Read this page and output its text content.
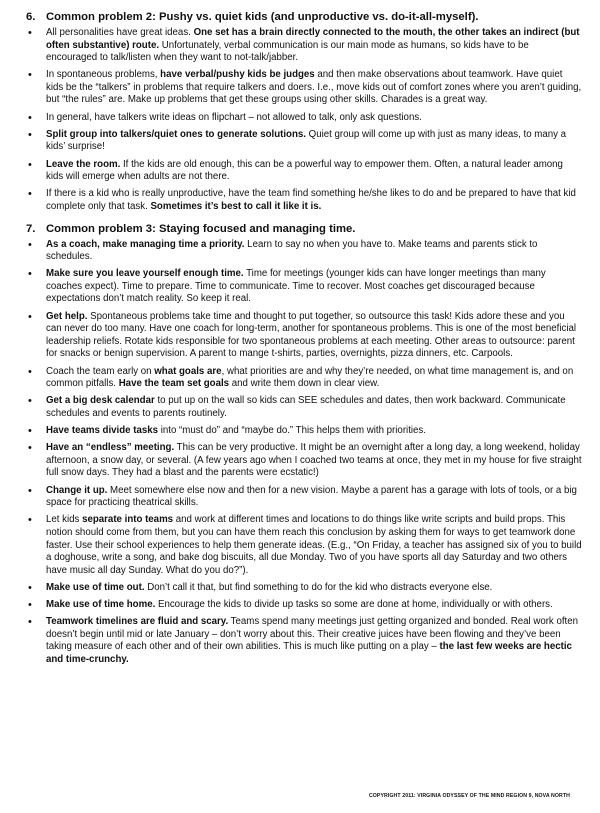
6. Common problem 2: Pushy vs. quiet kids (and unproductive vs. do-it-all-myself).
• All personalities have great ideas. One set has a brain directly connected to the mouth, the other takes an indirect (but often substantive) route. Unfortunately, verbal communication is our main mode as humans, so kids have to be encouraged to talk/listen when they want to not-talk/jabber.
• In spontaneous problems, have verbal/pushy kids be judges and then make observations about teamwork. Have quiet kids be the “talkers” in problems that require talkers and doers. I.e., move kids out of comfort zones where you aren’t guiding, but “the rules” are. Make up problems that get these groups using other skills. Charades is a great way.
• In general, have talkers write ideas on flipchart – not allowed to talk, only ask questions.
• Split group into talkers/quiet ones to generate solutions. Quiet group will come up with just as many ideas, to many a kids’ surprise!
• Leave the room. If the kids are old enough, this can be a powerful way to empower them. Often, a natural leader among kids will emerge when adults are not there.
• If there is a kid who is really unproductive, have the team find something he/she likes to do and be prepared to have that kid complete only that task. Sometimes it’s best to call it like it is.
7. Common problem 3: Staying focused and managing time.
• As a coach, make managing time a priority. Learn to say no when you have to. Make teams and parents stick to schedules.
• Make sure you leave yourself enough time. Time for meetings (younger kids can have longer meetings than many coaches expect). Time to prepare. Time to communicate. Time to recover. Most coaches get discouraged because expectations don’t match reality. So keep it real.
• Get help. Spontaneous problems take time and thought to put together, so outsource this task! Kids adore these and you can never do too many. Have one coach for long-term, another for spontaneous problems. This is one of the most beneficial leadership reliefs. Rotate kids responsible for two spontaneous problems at each meeting. Other areas to outsource: parent for snacks or benign supervision. A parent to mange t-shirts, parties, overnights, pizza dinners, etc. Carpools.
• Coach the team early on what goals are, what priorities are and why they’re needed, on what time management is, and on common pitfalls. Have the team set goals and write them down in clear view.
• Get a big desk calendar to put up on the wall so kids can SEE schedules and dates, then work backward. Communicate schedules and events to parents routinely.
• Have teams divide tasks into “must do” and “maybe do.” This helps them with priorities.
• Have an “endless” meeting. This can be very productive. It might be an overnight after a long day, a long weekend, holiday afternoon, a snow day, or several. (A few years ago when I coached two teams at once, they met in my house for five straight full snow days. They had a blast and the parents were ecstatic!)
• Change it up. Meet somewhere else now and then for a new vision. Maybe a parent has a garage with lots of tools, or a big space for practicing theatrical skills.
• Let kids separate into teams and work at different times and locations to do things like write scripts and build props. This notion should come from them, but you can have them reach this conclusion by asking them for ways to get teamwork done faster. Use their school experiences to help them generate ideas. (E.g., “On Friday, a teacher has assigned six of you to build a doghouse, write a song, and bake dog biscuits, all due Monday. Two of you have sports all day Saturday and two others have music all day Sunday. What do you do?”).
• Make use of time out. Don’t call it that, but find something to do for the kid who distracts everyone else.
• Make use of time home. Encourage the kids to divide up tasks so some are done at home, individually or with others.
• Teamwork timelines are fluid and scary. Teams spend many meetings just getting organized and bonded. Real work often doesn’t begin until mid or late January – don’t worry about this. Their creative juices have been flowing and they’ve been taking measure of each other and of their own abilities. This is much like putting on a play – the last few weeks are hectic and time-crunchy.
COPYRIGHT 2011: VIRGINIA ODYSSEY OF THE MIND REGION 9, NOVA NORTH
